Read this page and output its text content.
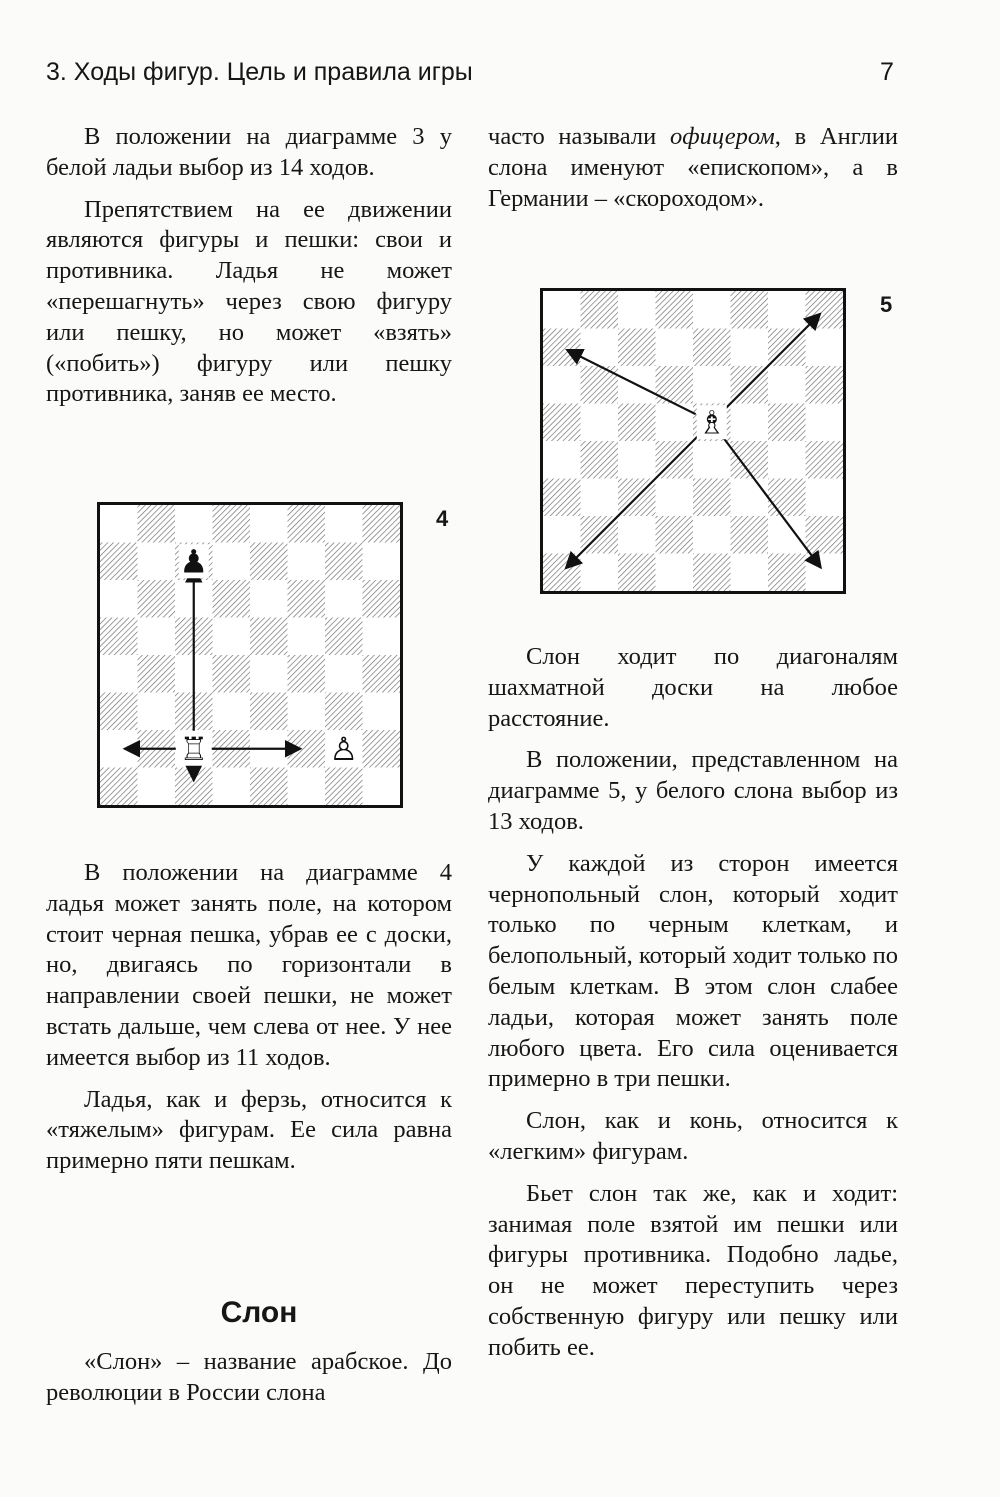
3. Ходы фигур. Цель и правила игры	7

В положении на диаграмме 3 у белой ладьи выбор из 14 ходов.

Препятствием на ее движении являются фигуры и пешки: свои и противника. Ладья не может «перешагнуть» через свою фигуру или пешку, но может «взять» («побить») фигуру или пешку противника, заняв ее место.

4
♟
♖	♙

В положении на диаграмме 4 ладья может занять поле, на котором стоит черная пешка, убрав ее с доски, но, двигаясь по горизонтали в направлении своей пешки, не может встать дальше, чем слева от нее. У нее имеется выбор из 11 ходов.

Ладья, как и ферзь, относится к «тяжелым» фигурам. Ее сила равна примерно пяти пешкам.

Слон

«Слон» – название арабское. До революции в России слона

часто называли офицером, в Англии слона именуют «епископом», а в Германии – «скороходом».

5
♗

Слон ходит по диагоналям шахматной доски на любое расстояние.

В положении, представленном на диаграмме 5, у белого слона выбор из 13 ходов.

У каждой из сторон имеется чернопольный слон, который ходит только по черным клеткам, и белопольный, который ходит только по белым клеткам. В этом слон слабее ладьи, которая может занять поле любого цвета. Его сила оценивается примерно в три пешки.

Слон, как и конь, относится к «легким» фигурам.

Бьет слон так же, как и ходит: занимая поле взятой им пешки или фигуры противника. Подобно ладье, он не может переступить через собственную фигуру или пешку или побить ее.
